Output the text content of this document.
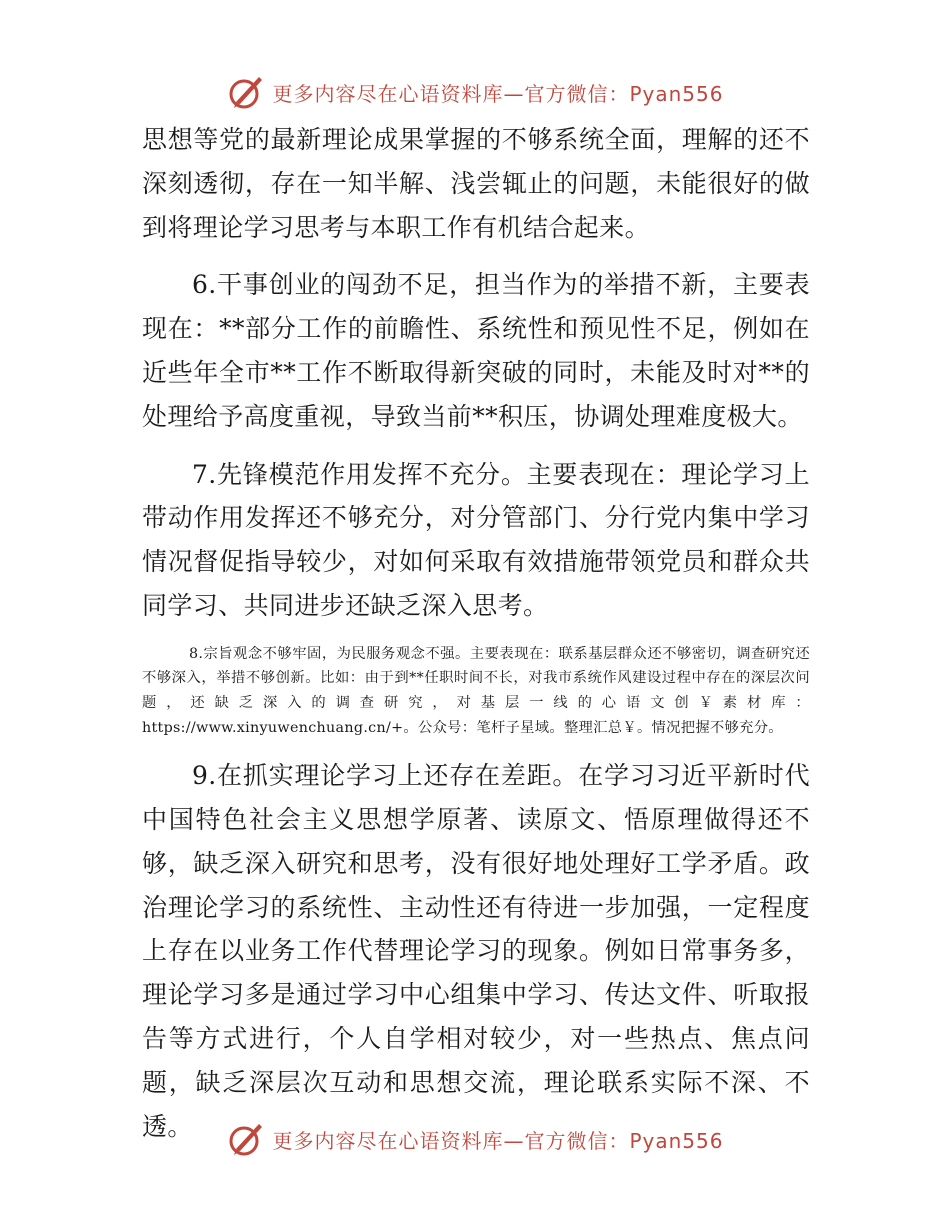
更多内容尽在心语资料库—官方微信：Pyan556

思想等党的最新理论成果掌握的不够系统全面，理解的还不深刻透彻，存在一知半解、浅尝辄止的问题，未能很好的做到将理论学习思考与本职工作有机结合起来。

6.干事创业的闯劲不足，担当作为的举措不新，主要表现在：**部分工作的前瞻性、系统性和预见性不足，例如在近些年全市**工作不断取得新突破的同时，未能及时对**的处理给予高度重视，导致当前**积压，协调处理难度极大。

7.先锋模范作用发挥不充分。主要表现在：理论学习上带动作用发挥还不够充分，对分管部门、分行党内集中学习情况督促指导较少，对如何采取有效措施带领党员和群众共同学习、共同进步还缺乏深入思考。

8.宗旨观念不够牢固，为民服务观念不强。主要表现在：联系基层群众还不够密切，调查研究还不够深入，举措不够创新。比如：由于到**任职时间不长，对我市系统作风建设过程中存在的深层次问题，还缺乏深入的调查研究，对基层一线的心语文创￥素材库：https://www.xinyuwenchuang.cn/+。公众号：笔杆子星域。整理汇总￥。情况把握不够充分。

9.在抓实理论学习上还存在差距。在学习习近平新时代中国特色社会主义思想学原著、读原文、悟原理做得还不够，缺乏深入研究和思考，没有很好地处理好工学矛盾。政治理论学习的系统性、主动性还有待进一步加强，一定程度上存在以业务工作代替理论学习的现象。例如日常事务多，理论学习多是通过学习中心组集中学习、传达文件、听取报告等方式进行，个人自学相对较少，对一些热点、焦点问题，缺乏深层次互动和思想交流，理论联系实际不深、不透。	更多内容尽在心语资料库—官方微信：Pyan556
